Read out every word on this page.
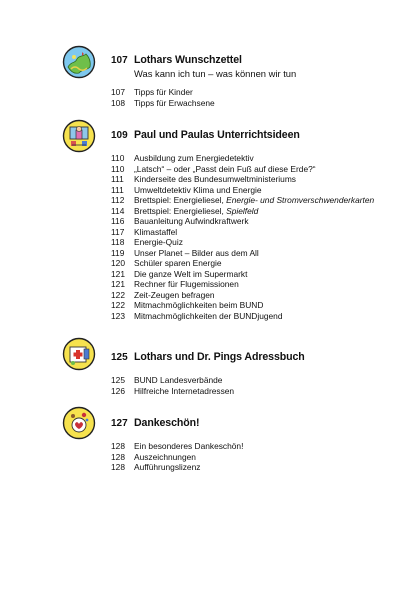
107 Lothars Wunschzettel
Was kann ich tun – was können wir tun
107	Tipps für Kinder
108	Tipps für Erwachsene
109 Paul und Paulas Unterrichtsideen
110	Ausbildung zum Energiedetektiv
110	„Latsch“ – oder „Passt dein Fuß auf diese Erde?“
111	Kinderseite des Bundesumweltministeriums
111	Umweltdetektiv Klima und Energie
112	Brettspiel: Energieliesel, Energie- und Stromverschwenderkarten
114	Brettspiel: Energieliesel, Spielfeld
116	Bauanleitung Aufwindkraftwerk
117	Klimastaffel
118	Energie-Quiz
119	Unser Planet – Bilder aus dem All
120	Schüler sparen Energie
121	Die ganze Welt im Supermarkt
121	Rechner für Flugemissionen
122	Zeit-Zeugen befragen
122	Mitmachmöglichkeiten beim BUND
123	Mitmachmöglichkeiten der BUNDjugend
125 Lothars und Dr. Pings Adressbuch
125	BUND Landesverbände
126	Hilfreiche Internetadressen
127 Dankeschön!
128	Ein besonderes Dankeschön!
128	Auszeichnungen
128	Aufführungslizenz
